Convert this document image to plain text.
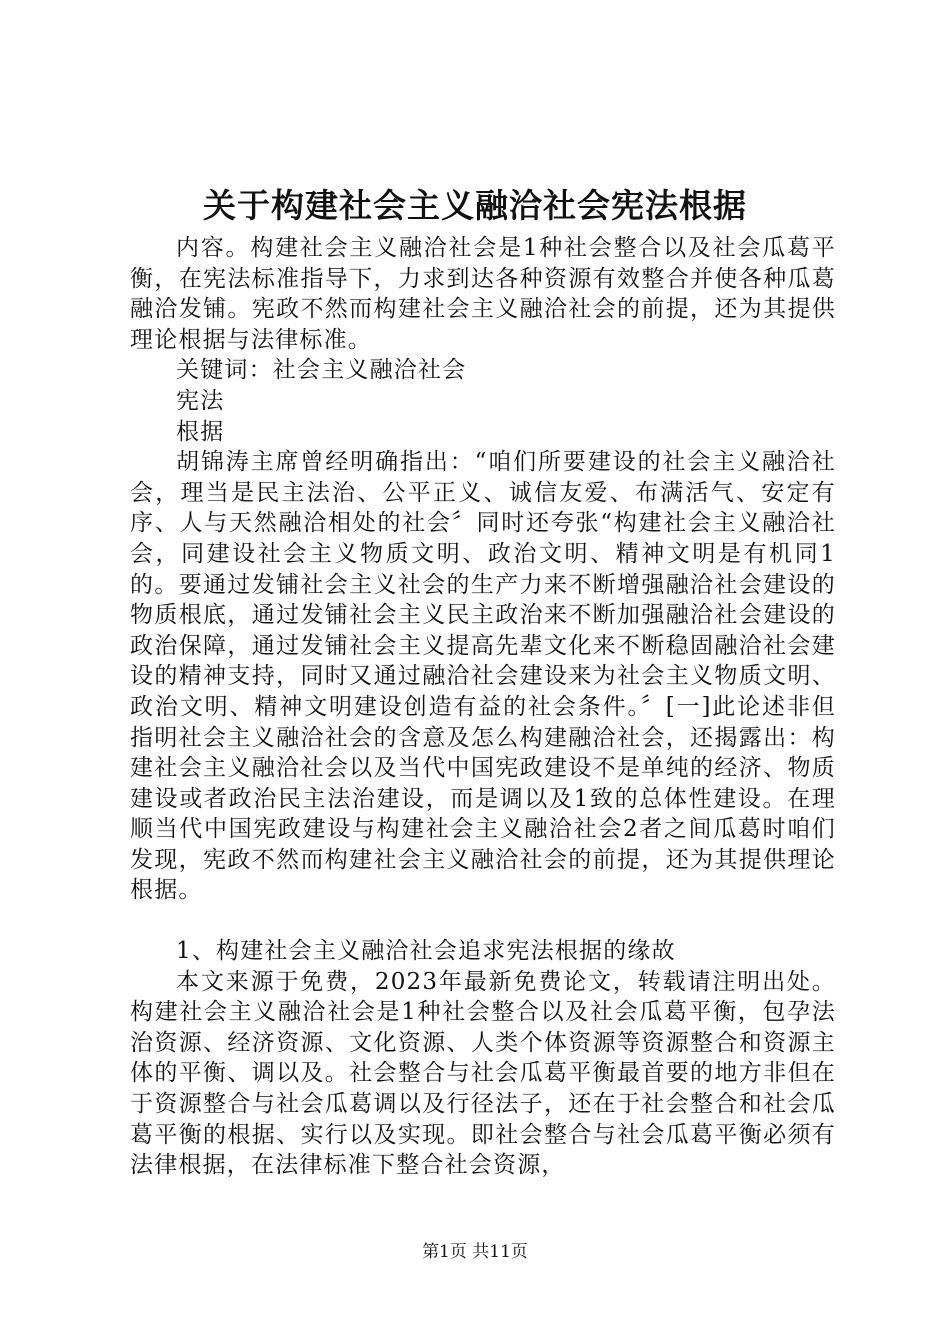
关于构建社会主义融洽社会宪法根据

内容。构建社会主义融洽社会是1种社会整合以及社会瓜葛平衡，在宪法标准指导下，力求到达各种资源有效整合并使各种瓜葛融洽发铺。宪政不然而构建社会主义融洽社会的前提，还为其提供理论根据与法律标准。

关键词：社会主义融洽社会

宪法

根据

胡锦涛主席曾经明确指出：“咱们所要建设的社会主义融洽社会，理当是民主法治、公平正义、诚信友爱、布满活气、安定有序、人与天然融洽相处的社会〞同时还夸张“构建社会主义融洽社会，同建设社会主义物质文明、政治文明、精神文明是有机同1的。要通过发铺社会主义社会的生产力来不断增强融洽社会建设的物质根底，通过发铺社会主义民主政治来不断加强融洽社会建设的政治保障，通过发铺社会主义提高先辈文化来不断稳固融洽社会建设的精神支持，同时又通过融洽社会建设来为社会主义物质文明、政治文明、精神文明建设创造有益的社会条件。〞[一]此论述非但指明社会主义融洽社会的含意及怎么构建融洽社会，还揭露出：构建社会主义融洽社会以及当代中国宪政建设不是单纯的经济、物质建设或者政治民主法治建设，而是调以及1致的总体性建设。在理顺当代中国宪政建设与构建社会主义融洽社会2者之间瓜葛时咱们发现，宪政不然而构建社会主义融洽社会的前提，还为其提供理论根据。

1、构建社会主义融洽社会追求宪法根据的缘故

本文来源于免费，2023年最新免费论文，转载请注明出处。构建社会主义融洽社会是1种社会整合以及社会瓜葛平衡，包孕法治资源、经济资源、文化资源、人类个体资源等资源整合和资源主体的平衡、调以及。社会整合与社会瓜葛平衡最首要的地方非但在于资源整合与社会瓜葛调以及行径法子，还在于社会整合和社会瓜葛平衡的根据、实行以及实现。即社会整合与社会瓜葛平衡必须有法律根据，在法律标准下整合社会资源，

第1页 共11页
